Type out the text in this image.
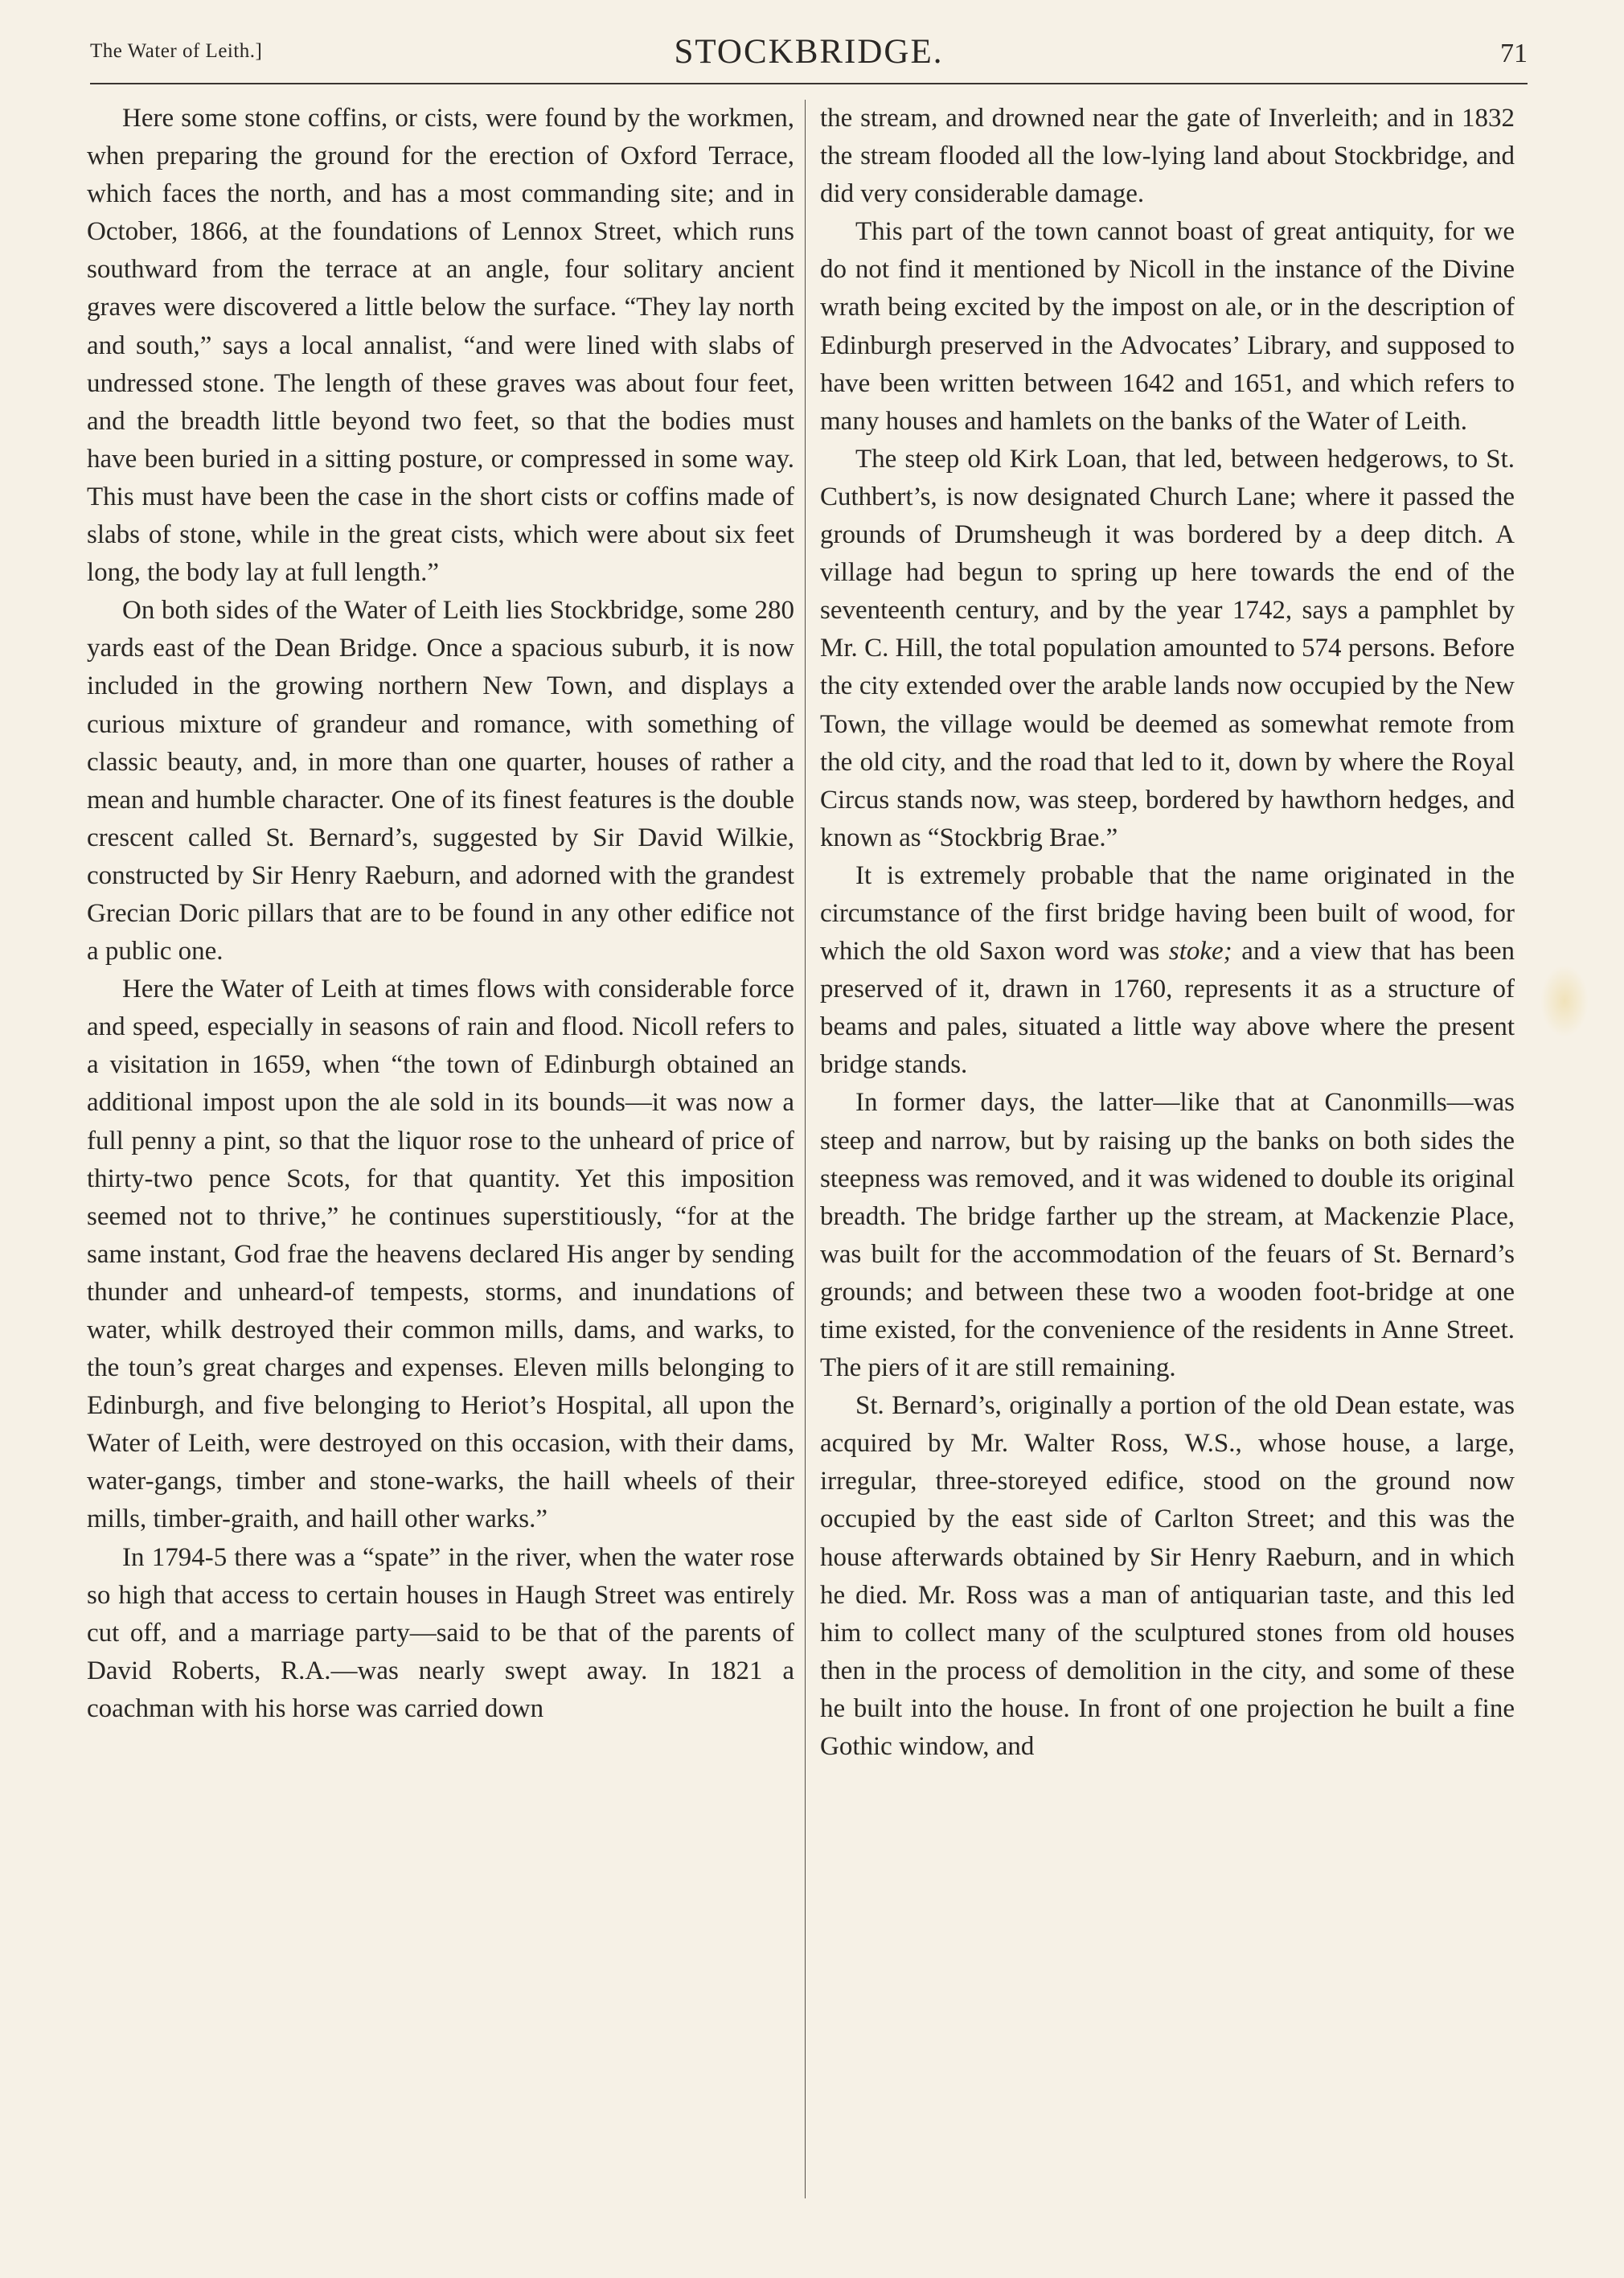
The Water of Leith.]	STOCKBRIDGE.	71

Here some stone coffins, or cists, were found by the workmen, when preparing the ground for the erection of Oxford Terrace, which faces the north, and has a most commanding site; and in October, 1866, at the foundations of Lennox Street, which runs southward from the terrace at an angle, four solitary ancient graves were discovered a little below the surface. “They lay north and south,” says a local annalist, “and were lined with slabs of undressed stone. The length of these graves was about four feet, and the breadth little beyond two feet, so that the bodies must have been buried in a sitting posture, or compressed in some way. This must have been the case in the short cists or coffins made of slabs of stone, while in the great cists, which were about six feet long, the body lay at full length.”

On both sides of the Water of Leith lies Stockbridge, some 280 yards east of the Dean Bridge. Once a spacious suburb, it is now included in the growing northern New Town, and displays a curious mixture of grandeur and romance, with something of classic beauty, and, in more than one quarter, houses of rather a mean and humble character. One of its finest features is the double crescent called St. Bernard’s, suggested by Sir David Wilkie, constructed by Sir Henry Raeburn, and adorned with the grandest Grecian Doric pillars that are to be found in any other edifice not a public one.

Here the Water of Leith at times flows with considerable force and speed, especially in seasons of rain and flood. Nicoll refers to a visitation in 1659, when “the town of Edinburgh obtained an additional impost upon the ale sold in its bounds—it was now a full penny a pint, so that the liquor rose to the unheard of price of thirty-two pence Scots, for that quantity. Yet this imposition seemed not to thrive,” he continues superstitiously, “for at the same instant, God frae the heavens declared His anger by sending thunder and unheard-of tempests, storms, and inundations of water, whilk destroyed their common mills, dams, and warks, to the toun’s great charges and expenses. Eleven mills belonging to Edinburgh, and five belonging to Heriot’s Hospital, all upon the Water of Leith, were destroyed on this occasion, with their dams, water-gangs, timber and stone-warks, the haill wheels of their mills, timber-graith, and haill other warks.”

In 1794-5 there was a “spate” in the river, when the water rose so high that access to certain houses in Haugh Street was entirely cut off, and a marriage party—said to be that of the parents of David Roberts, R.A.—was nearly swept away. In 1821 a coachman with his horse was carried down

the stream, and drowned near the gate of Inverleith; and in 1832 the stream flooded all the low-lying land about Stockbridge, and did very considerable damage.

This part of the town cannot boast of great antiquity, for we do not find it mentioned by Nicoll in the instance of the Divine wrath being excited by the impost on ale, or in the description of Edinburgh preserved in the Advocates’ Library, and supposed to have been written between 1642 and 1651, and which refers to many houses and hamlets on the banks of the Water of Leith.

The steep old Kirk Loan, that led, between hedgerows, to St. Cuthbert’s, is now designated Church Lane; where it passed the grounds of Drumsheugh it was bordered by a deep ditch. A village had begun to spring up here towards the end of the seventeenth century, and by the year 1742, says a pamphlet by Mr. C. Hill, the total population amounted to 574 persons. Before the city extended over the arable lands now occupied by the New Town, the village would be deemed as somewhat remote from the old city, and the road that led to it, down by where the Royal Circus stands now, was steep, bordered by hawthorn hedges, and known as “Stockbrig Brae.”

It is extremely probable that the name originated in the circumstance of the first bridge having been built of wood, for which the old Saxon word was stoke; and a view that has been preserved of it, drawn in 1760, represents it as a structure of beams and pales, situated a little way above where the present bridge stands.

In former days, the latter—like that at Canonmills—was steep and narrow, but by raising up the banks on both sides the steepness was removed, and it was widened to double its original breadth. The bridge farther up the stream, at Mackenzie Place, was built for the accommodation of the feuars of St. Bernard’s grounds; and between these two a wooden foot-bridge at one time existed, for the convenience of the residents in Anne Street. The piers of it are still remaining.

St. Bernard’s, originally a portion of the old Dean estate, was acquired by Mr. Walter Ross, W.S., whose house, a large, irregular, three-storeyed edifice, stood on the ground now occupied by the east side of Carlton Street; and this was the house afterwards obtained by Sir Henry Raeburn, and in which he died. Mr. Ross was a man of antiquarian taste, and this led him to collect many of the sculptured stones from old houses then in the process of demolition in the city, and some of these he built into the house. In front of one projection he built a fine Gothic window, and
